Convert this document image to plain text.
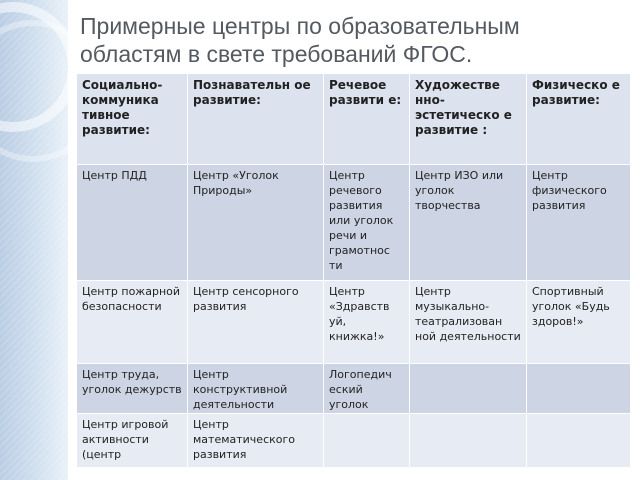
Примерные центры по образовательным областям в свете требований ФГОС.
Социально-коммуника тивное развитие:	Познавательн ое развитие:	Речевое развити е:	Художестве нно-эстетическо е развитие :	Физическо е развитие:
Центр ПДД	Центр «Уголок Природы»	Центр речевого развития или уголок речи и грамотнос ти	Центр ИЗО или уголок творчества	Центр физического развития
Центр пожарной безопасности	Центр сенсорного развития	Центр «Здравств уй, книжка!»	Центр музыкально-театрализован ной деятельности	Спортивный уголок «Будь здоров!»
Центр труда, уголок дежурств	Центр конструктивной деятельности	Логопедич еский уголок		
Центр игровой активности (центр	Центр математического развития			
